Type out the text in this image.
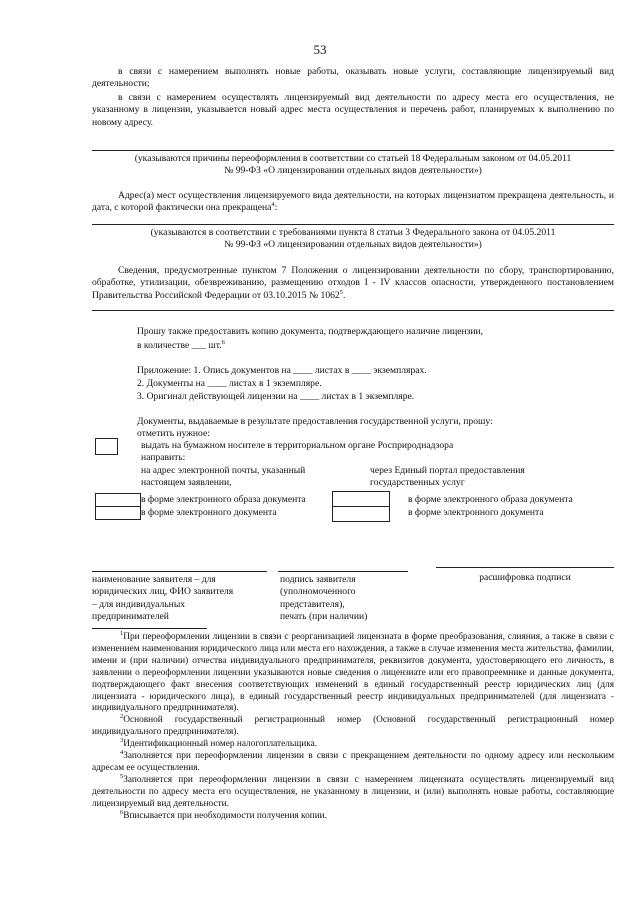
53
в связи с намерением выполнять новые работы, оказывать новые услуги, составляющие лицензируемый вид деятельности;
в связи с намерением осуществлять лицензируемый вид деятельности по адресу места его осуществления, не указанному в лицензии, указывается новый адрес места осуществления и перечень работ, планируемых к выполнению по новому адресу.
(указываются причины переоформления в соответствии со статьей 18 Федеральным законом от 04.05.2011
№ 99-ФЗ «О лицензировании отдельных видов деятельности»)
Адрес(а) мест осуществления лицензируемого вида деятельности, на которых лицензиатом прекращена деятельность, и дата, с которой фактически она прекращена$^4$:
(указываются в соответствии с требованиями пункта 8 статьи 3 Федерального закона от 04.05.2011
№ 99-ФЗ «О лицензировании отдельных видов деятельности»)
Сведения, предусмотренные пунктом 7 Положения о лицензировании деятельности по сбору, транспортированию, обработке, утилизации, обезвреживанию, размещению отходов I - IV классов опасности, утвержденного постановлением Правительства Российской Федерации от 03.10.2015 № 1062$^5$.
Прошу также предоставить копию документа, подтверждающего наличие лицензии,
в количестве ___ шт.$^6$
Приложение: 1. Опись документов на ____ листах в ____ экземплярах.
2. Документы на ____ листах в 1 экземпляре.
3. Оригинал действующей лицензии на ____ листах в 1 экземпляре.
Документы, выдаваемые в результате предоставления государственной услуги, прошу:
отметить нужное:
выдать на бумажном носителе в территориальном органе Росприроднадзора
направить:
на адрес электронной почты, указанный
настоящем заявлении,
через Единый портал предоставления
государственных услуг
в форме электронного образа документа
в форме электронного документа
в форме электронного образа документа
в форме электронного документа
наименование заявителя – для
юридических лиц, ФИО заявителя
– для индивидуальных
предпринимателей
подпись заявителя
(уполномоченного
представителя),
печать (при наличии)
расшифровка подписи

$^1$При переоформлении лицензии в связи с реорганизацией лицензиата в форме преобразования, слияния, а также в связи с изменением наименования юридического лица или места его нахождения, а также в случае изменения места жительства, фамилии, имени и (при наличии) отчества индивидуального предпринимателя, реквизитов документа, удостоверяющего его личность, в заявлении о переоформлении лицензии указываются новые сведения о лицензиате или его правопреемнике и данные документа, подтверждающего факт внесения соответствующих изменений в единый государственный реестр юридических лиц (для лицензиата - юридического лица), в единый государственный реестр индивидуальных предпринимателей (для лицензиата - индивидуального предпринимателя).

$^2$Основной государственный регистрационный номер (Основной государственный регистрационный номер индивидуального предпринимателя).

$^3$Идентификационный номер налогоплательщика.

$^4$Заполняется при переоформлении лицензии в связи с прекращением деятельности по одному адресу или нескольким адресам ее осуществления.

$^5$Заполняется при переоформлении лицензии в связи с намерением лицензиата осуществлять лицензируемый вид деятельности по адресу места его осуществления, не указанному в лицензии, и (или) выполнять новые работы, составляющие лицензируемый вид деятельности.

$^6$Вписывается при необходимости получения копии.
